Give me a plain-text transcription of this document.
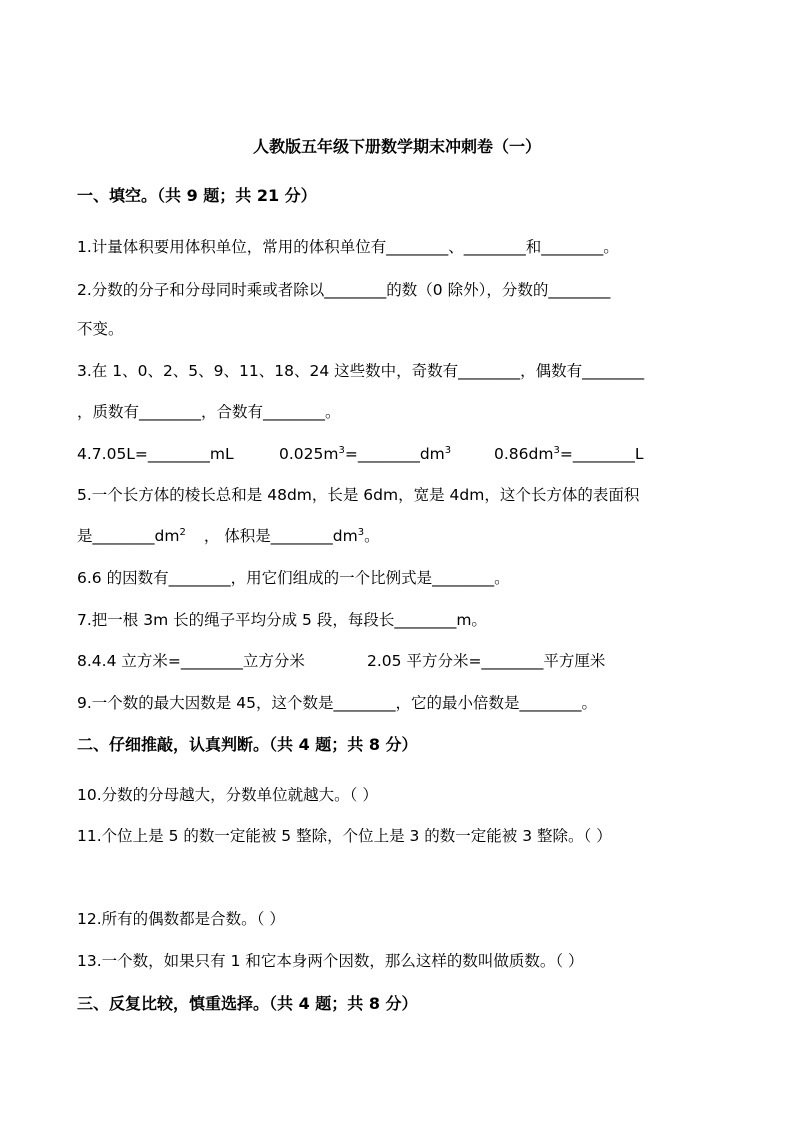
人教版五年级下册数学期末冲刺卷（一）
一、填空。（共 9 题；共 21 分）
1.计量体积要用体积单位，常用的体积单位有________、________和________。
2.分数的分子和分母同时乘或者除以________的数（0 除外），分数的________
不变。
3.在 1、0、2、5、9、11、18、24 这些数中，奇数有________，偶数有________
，质数有________，合数有________。
4.7.05L=________mL	$0.025m^3=\_\_\_\_\_\_\_\_dm^3$	$0.86dm^3=\_\_\_\_\_\_\_\_L$
5.一个长方体的棱长总和是 48dm，长是 6dm，宽是 4dm，这个长方体的表面积
是$\_\_\_\_\_\_\_\_dm^2$ ， 体积是$\_\_\_\_\_\_\_\_dm^3$。
6.6 的因数有________，用它们组成的一个比例式是________。
7.把一根 3m 长的绳子平均分成 5 段，每段长________m。
8.4.4 立方米=________立方分米	2.05 平方分米=________平方厘米
9.一个数的最大因数是 45，这个数是________，它的最小倍数是________。
二、仔细推敲，认真判断。（共 4 题；共 8 分）
10.分数的分母越大，分数单位就越大。（ ）
11.个位上是 5 的数一定能被 5 整除，个位上是 3 的数一定能被 3 整除。（ ）
12.所有的偶数都是合数。（ ）
13.一个数，如果只有 1 和它本身两个因数，那么这样的数叫做质数。（ ）
三、反复比较，慎重选择。（共 4 题；共 8 分）
